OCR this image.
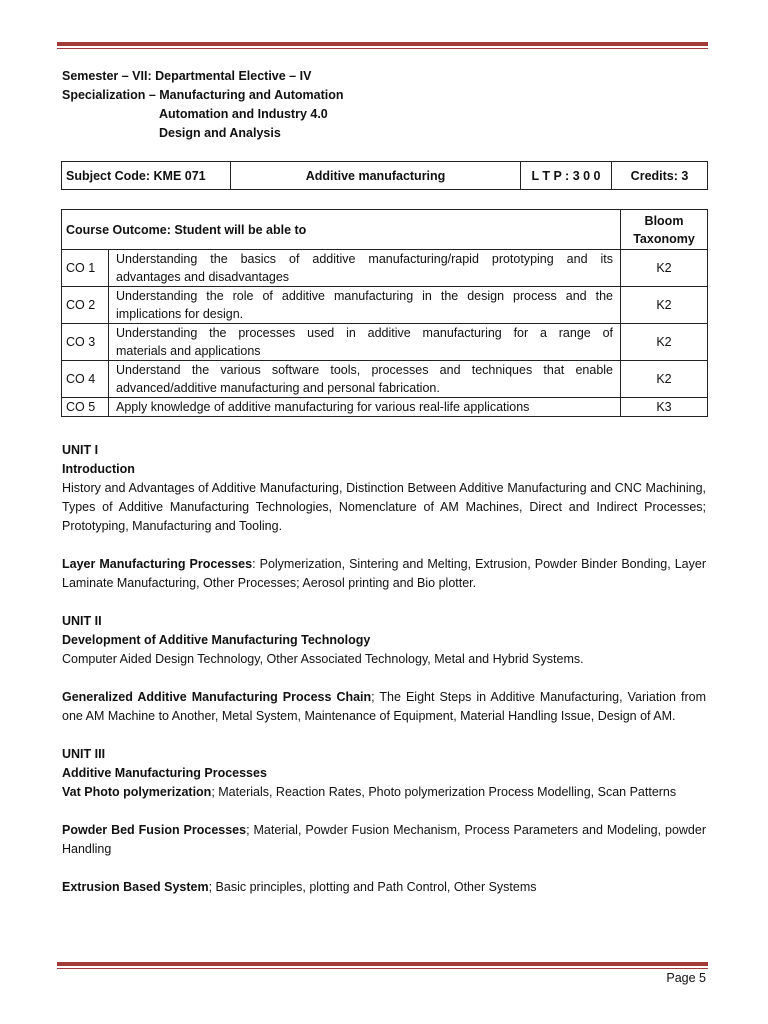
Semester – VII: Departmental Elective – IV
Specialization – Manufacturing and Automation
Automation and Industry 4.0
Design and Analysis
Subject Code: KME 071	Additive manufacturing	L T P : 3 0 0	Credits: 3
Course Outcome: Student will be able to		Bloom
Taxonomy

CO 1	Understanding the basics of additive manufacturing/rapid prototyping and its
advantages and disadvantages	K2
CO 2	Understanding the role of additive manufacturing in the design process and the
implications for design.	K2
CO 3	Understanding the processes used in additive manufacturing for a range of
materials and applications	K2
CO 4	Understand the various software tools, processes and techniques that enable
advanced/additive manufacturing and personal fabrication.	K2
CO 5	Apply knowledge of additive manufacturing for various real-life applications	K3

UNIT I

Introduction

History and Advantages of Additive Manufacturing, Distinction Between Additive Manufacturing and CNC Machining, Types of Additive Manufacturing Technologies, Nomenclature of AM Machines, Direct and Indirect Processes; Prototyping, Manufacturing and Tooling.

Layer Manufacturing Processes: Polymerization, Sintering and Melting, Extrusion, Powder Binder Bonding, Layer Laminate Manufacturing, Other Processes; Aerosol printing and Bio plotter.

UNIT II

Development of Additive Manufacturing Technology

Computer Aided Design Technology, Other Associated Technology, Metal and Hybrid Systems.

Generalized Additive Manufacturing Process Chain; The Eight Steps in Additive Manufacturing, Variation from one AM Machine to Another, Metal System, Maintenance of Equipment, Material Handling Issue, Design of AM.

UNIT III

Additive Manufacturing Processes

Vat Photo polymerization; Materials, Reaction Rates, Photo polymerization Process Modelling, Scan Patterns

Powder Bed Fusion Processes; Material, Powder Fusion Mechanism, Process Parameters and Modeling, powder Handling

Extrusion Based System; Basic principles, plotting and Path Control, Other Systems

Page 5
